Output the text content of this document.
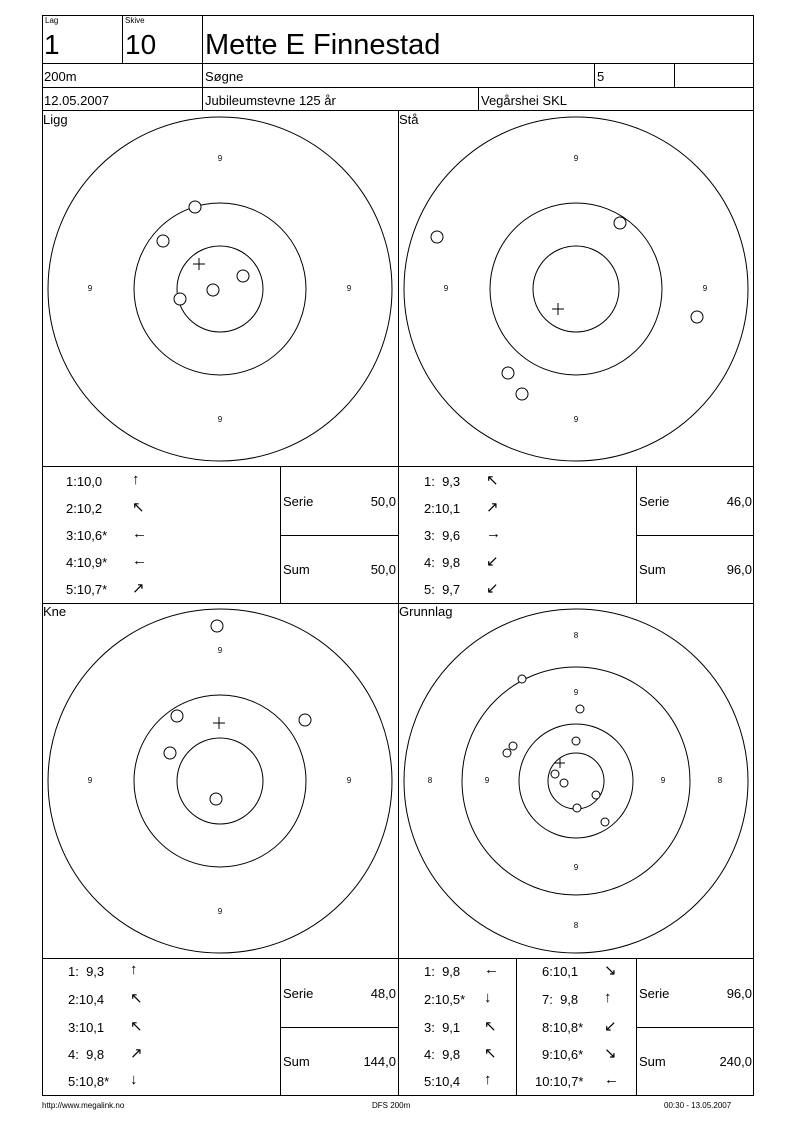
Lag
1
Skive
10 Mette E Finnestad
200m	Søgne	5
12.05.2007	Jubileumstevne 125 år	Vegårshei SKL
Ligg	Stå
Kne	Grunnlag
9
9
9	9
9
9
9	9
9
9
9	9
8
8
8	8
9
9
9	9
1:10,0 ↑
2:10,2 ↖
3:10,6* ←
4:10,9* ←
5:10,7* ↗
Serie	50,0
Sum	50,0
1: 9,3 ↖
2:10,1 ↗
3: 9,6 →
4: 9,8 ↙
5: 9,7 ↙
Serie	46,0
Sum	96,0
1: 9,3 ↑
2:10,4 ↖
3:10,1 ↖
4: 9,8 ↗
5:10,8* ↓
Serie	48,0
Sum	144,0
1: 9,8 ←
2:10,5* ↓
3: 9,1 ↖
4: 9,8 ↖
5:10,4 ↑
6:10,1 ↘
7: 9,8 ↑
8:10,8* ↙
9:10,6* ↘
10:10,7* ←
Serie	96,0
Sum	240,0
http://www.megalink.no	DFS 200m	00:30 - 13.05.2007
